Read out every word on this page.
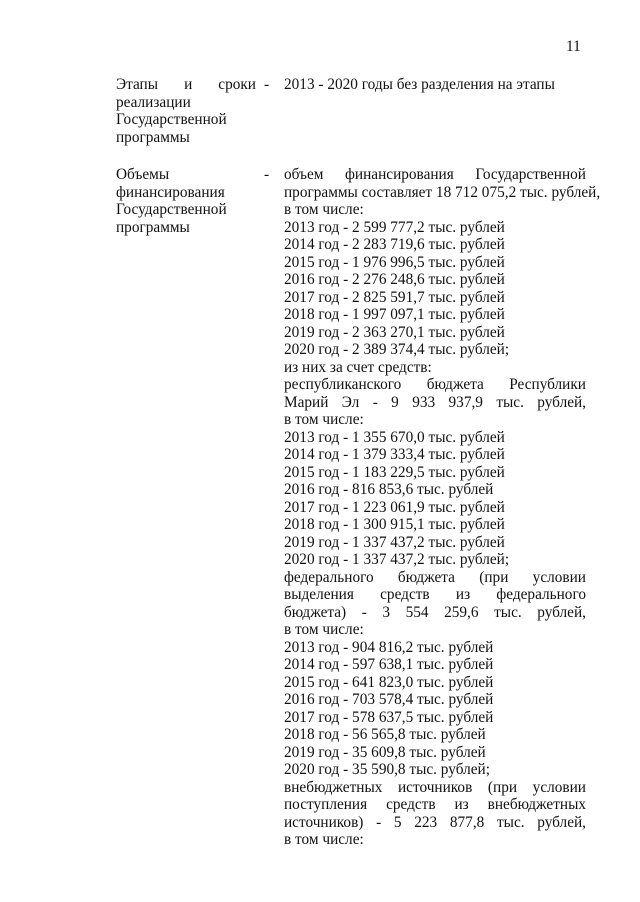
11
Этапы и сроки
реализации
Государственной
программы
- 2013 - 2020 годы без разделения на этапы
Объемы
финансирования
Государственной
программы
- объем финансирования Государственной
программы составляет 18 712 075,2 тыс. рублей,
в том числе:
2013 год - 2 599 777,2 тыс. рублей
2014 год - 2 283 719,6 тыс. рублей
2015 год - 1 976 996,5 тыс. рублей
2016 год - 2 276 248,6 тыс. рублей
2017 год - 2 825 591,7 тыс. рублей
2018 год - 1 997 097,1 тыс. рублей
2019 год - 2 363 270,1 тыс. рублей
2020 год - 2 389 374,4 тыс. рублей;
из них за счет средств:
республиканского бюджета Республики
Марий Эл - 9 933 937,9 тыс. рублей,
в том числе:
2013 год - 1 355 670,0 тыс. рублей
2014 год - 1 379 333,4 тыс. рублей
2015 год - 1 183 229,5 тыс. рублей
2016 год - 816 853,6 тыс. рублей
2017 год - 1 223 061,9 тыс. рублей
2018 год - 1 300 915,1 тыс. рублей
2019 год - 1 337 437,2 тыс. рублей
2020 год - 1 337 437,2 тыс. рублей;
федерального бюджета (при условии
выделения средств из федерального
бюджета) - 3 554 259,6 тыс. рублей,
в том числе:
2013 год - 904 816,2 тыс. рублей
2014 год - 597 638,1 тыс. рублей
2015 год - 641 823,0 тыс. рублей
2016 год - 703 578,4 тыс. рублей
2017 год - 578 637,5 тыс. рублей
2018 год - 56 565,8 тыс. рублей
2019 год - 35 609,8 тыс. рублей
2020 год - 35 590,8 тыс. рублей;
внебюджетных источников (при условии
поступления средств из внебюджетных
источников) - 5 223 877,8 тыс. рублей,
в том числе:
